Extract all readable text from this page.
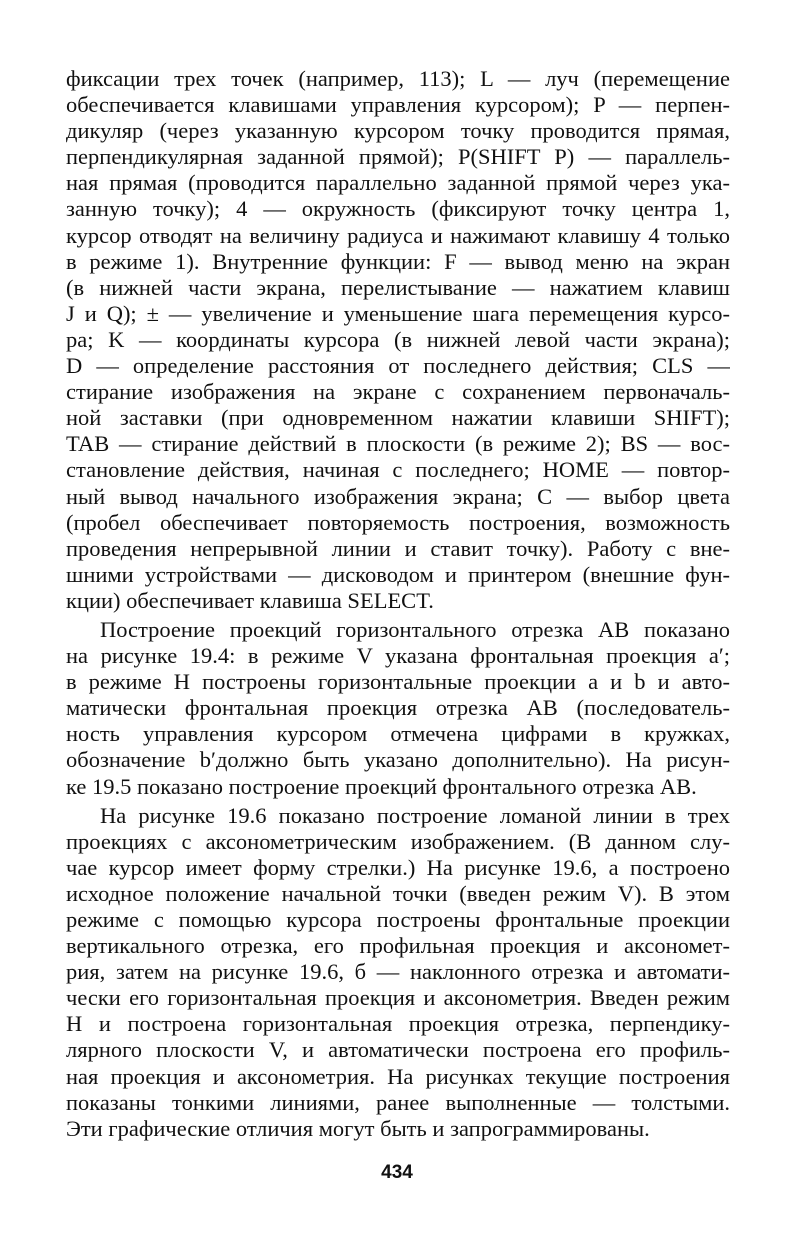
фиксации трех точек (например, 113); L — луч (перемещение
обеспечивается клавишами управления курсором); P — перпен-
дикуляр (через указанную курсором точку проводится прямая,
перпендикулярная заданной прямой); P(SHIFT P) — параллель-
ная прямая (проводится параллельно заданной прямой через ука-
занную точку); 4 — окружность (фиксируют точку центра 1,
курсор отводят на величину радиуса и нажимают клавишу 4 только
в режиме 1). Внутренние функции: F — вывод меню на экран
(в нижней части экрана, перелистывание — нажатием клавиш
J и Q); ± — увеличение и уменьшение шага перемещения курсо-
ра; K — координаты курсора (в нижней левой части экрана);
D — определение расстояния от последнего действия; CLS —
стирание изображения на экране с сохранением первоначаль-
ной заставки (при одновременном нажатии клавиши SHIFT);
TAB — стирание действий в плоскости (в режиме 2); BS — вос-
становление действия, начиная с последнего; HOME — повтор-
ный вывод начального изображения экрана; C — выбор цвета
(пробел обеспечивает повторяемость построения, возможность
проведения непрерывной линии и ставит точку). Работу с вне-
шними устройствами — дисководом и принтером (внешние фун-
кции) обеспечивает клавиша SELECT.
Построение проекций горизонтального отрезка AB показано
на рисунке 19.4: в режиме V указана фронтальная проекция a′;
в режиме H построены горизонтальные проекции a и b и авто-
матически фронтальная проекция отрезка AB (последователь-
ность управления курсором отмечена цифрами в кружках,
обозначение b′должно быть указано дополнительно). На рисун-
ке 19.5 показано построение проекций фронтального отрезка AB.
На рисунке 19.6 показано построение ломаной линии в трех
проекциях с аксонометрическим изображением. (В данном слу-
чае курсор имеет форму стрелки.) На рисунке 19.6, а построено
исходное положение начальной точки (введен режим V). В этом
режиме с помощью курсора построены фронтальные проекции
вертикального отрезка, его профильная проекция и аксономет-
рия, затем на рисунке 19.6, б — наклонного отрезка и автомати-
чески его горизонтальная проекция и аксонометрия. Введен режим
H и построена горизонтальная проекция отрезка, перпендику-
лярного плоскости V, и автоматически построена его профиль-
ная проекция и аксонометрия. На рисунках текущие построения
показаны тонкими линиями, ранее выполненные — толстыми.
Эти графические отличия могут быть и запрограммированы.
434
